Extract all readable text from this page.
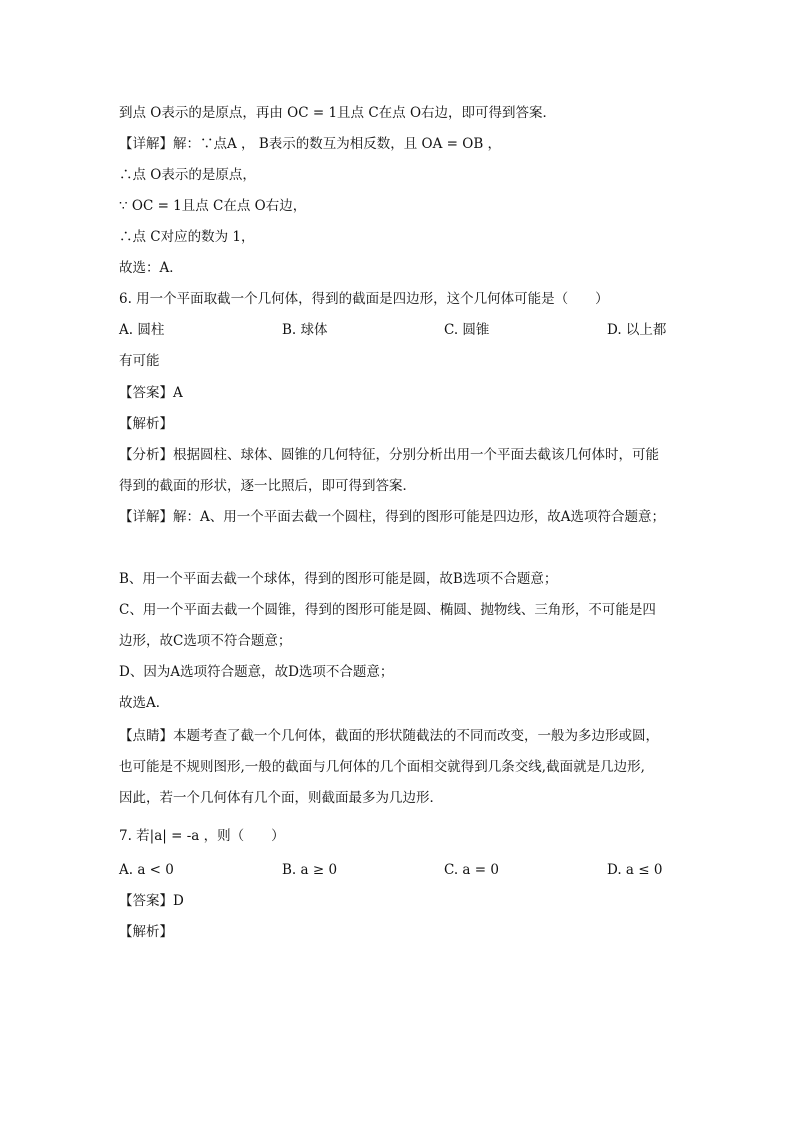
到点 O表示的是原点，再由 OC = 1且点 C在点 O右边，即可得到答案．
【详解】解：∵点A ， B表示的数互为相反数，且 OA = OB ，
∴点 O表示的是原点，
∵ OC = 1且点 C在点 O右边，
∴点 C对应的数为 1，
故选：A．
6. 用一个平面取截一个几何体，得到的截面是四边形，这个几何体可能是（　　）
A. 圆柱	B. 球体	C. 圆锥	D. 以上都
有可能
【答案】A
【解析】
【分析】根据圆柱、球体、圆锥的几何特征，分别分析出用一个平面去截该几何体时，可能
得到的截面的形状，逐一比照后，即可得到答案．
【详解】解：A、用一个平面去截一个圆柱，得到的图形可能是四边形，故A选项符合题意；
B、用一个平面去截一个球体，得到的图形可能是圆，故B选项不合题意；
C、用一个平面去截一个圆锥，得到的图形可能是圆、椭圆、抛物线、三角形，不可能是四
边形，故C选项不符合题意；
D、因为A选项符合题意，故D选项不合题意；
故选A．
【点睛】本题考查了截一个几何体，截面的形状随截法的不同而改变，一般为多边形或圆，
也可能是不规则图形,一般的截面与几何体的几个面相交就得到几条交线,截面就是几边形,
因此，若一个几何体有几个面，则截面最多为几边形．
7. 若|a| = -a ，则（　　）
A. a < 0	B. a ≥ 0	C. a = 0	D. a ≤ 0
【答案】D
【解析】
